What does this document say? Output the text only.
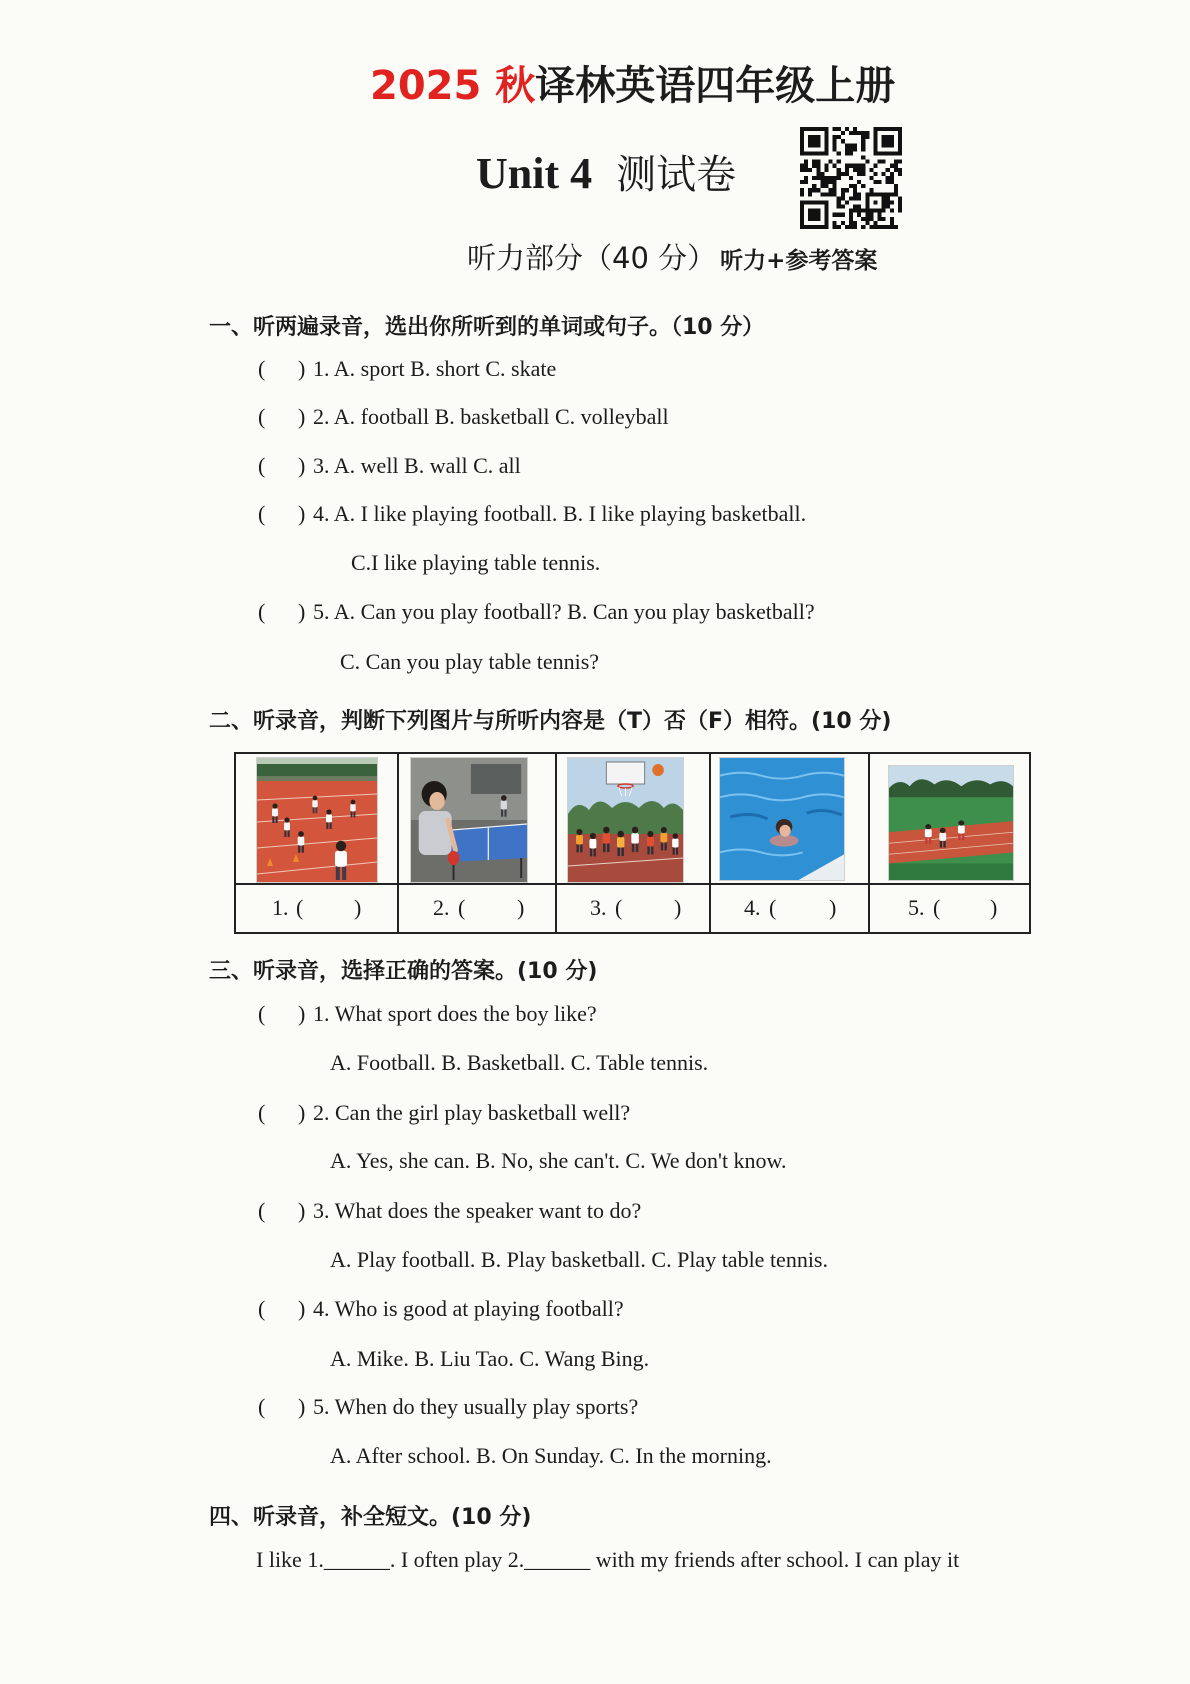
2025 秋译林英语四年级上册
Unit 4 测试卷
听力部分（40 分） 听力+参考答案
一、听两遍录音，选出你所听到的单词或句子。（10 分）
( ) 1. A. sport B. short C. skate
( ) 2. A. football B. basketball C. volleyball
( ) 3. A. well B. wall C. all
( ) 4. A. I like playing football. B. I like playing basketball.
C.I like playing table tennis.
( ) 5. A. Can you play football? B. Can you play basketball?
C. Can you play table tennis?
二、听录音，判断下列图片与所听内容是（T）否（F）相符。(10 分)
1. ( )	2. ( )	3. ( )	4. ( )	5. ( )
三、听录音，选择正确的答案。(10 分)
( ) 1. What sport does the boy like?
A. Football. B. Basketball. C. Table tennis.
( ) 2. Can the girl play basketball well?
A. Yes, she can. B. No, she can't. C. We don't know.
( ) 3. What does the speaker want to do?
A. Play football. B. Play basketball. C. Play table tennis.
( ) 4. Who is good at playing football?
A. Mike. B. Liu Tao. C. Wang Bing.
( ) 5. When do they usually play sports?
A. After school. B. On Sunday. C. In the morning.
四、听录音，补全短文。(10 分)
I like 1.______. I often play 2.______ with my friends after school. I can play it
